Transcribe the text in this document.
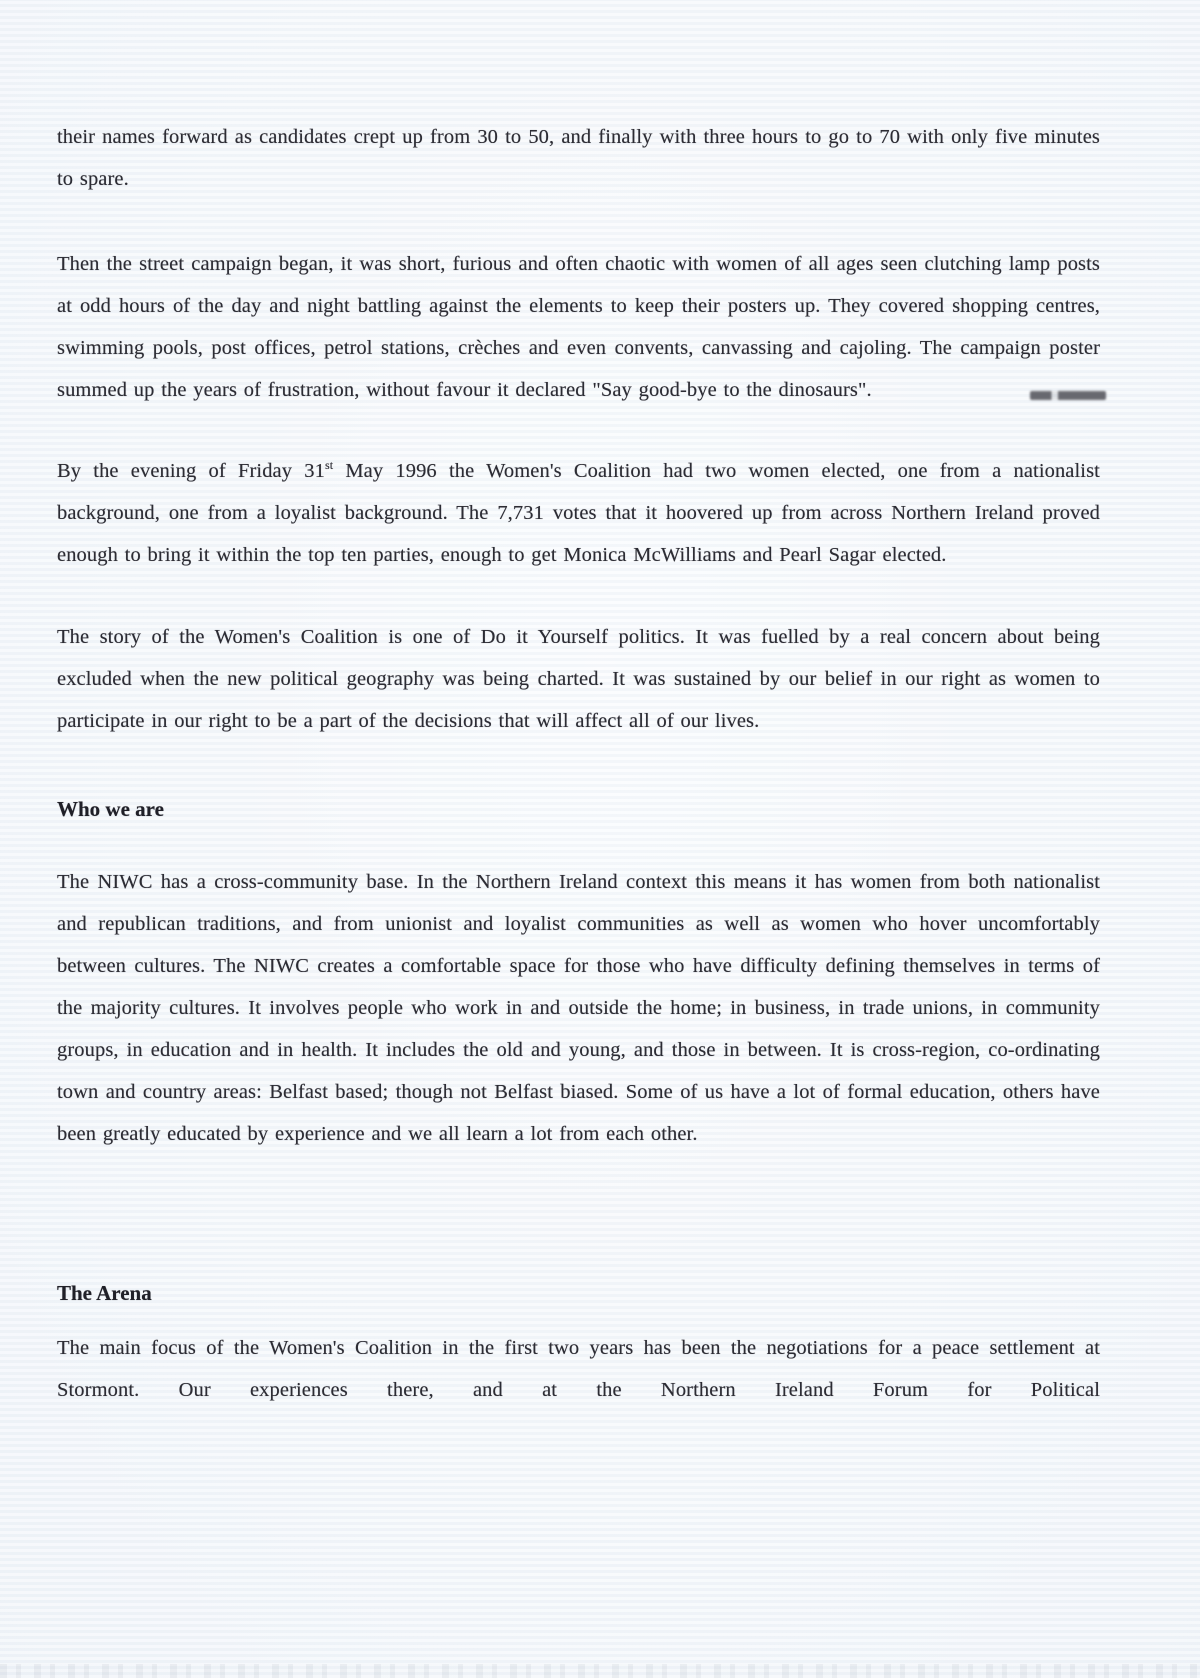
their names forward as candidates crept up from 30 to 50, and finally with three hours to go to 70 with only five minutes to spare.

Then the street campaign began, it was short, furious and often chaotic with women of all ages seen clutching lamp posts at odd hours of the day and night battling against the elements to keep their posters up. They covered shopping centres, swimming pools, post offices, petrol stations, crèches and even convents, canvassing and cajoling. The campaign poster summed up the years of frustration, without favour it declared "Say good-bye to the dinosaurs".

By the evening of Friday 31st May 1996 the Women's Coalition had two women elected, one from a nationalist background, one from a loyalist background. The 7,731 votes that it hoovered up from across Northern Ireland proved enough to bring it within the top ten parties, enough to get Monica McWilliams and Pearl Sagar elected.

The story of the Women's Coalition is one of Do it Yourself politics. It was fuelled by a real concern about being excluded when the new political geography was being charted. It was sustained by our belief in our right as women to participate in our right to be a part of the decisions that will affect all of our lives.

Who we are

The NIWC has a cross-community base. In the Northern Ireland context this means it has women from both nationalist and republican traditions, and from unionist and loyalist communities as well as women who hover uncomfortably between cultures. The NIWC creates a comfortable space for those who have difficulty defining themselves in terms of the majority cultures. It involves people who work in and outside the home; in business, in trade unions, in community groups, in education and in health. It includes the old and young, and those in between. It is cross-region, co-ordinating town and country areas: Belfast based; though not Belfast biased. Some of us have a lot of formal education, others have been greatly educated by experience and we all learn a lot from each other.

The Arena

The main focus of the Women's Coalition in the first two years has been the negotiations for a peace settlement at Stormont. Our experiences there, and at the Northern Ireland Forum for Political
